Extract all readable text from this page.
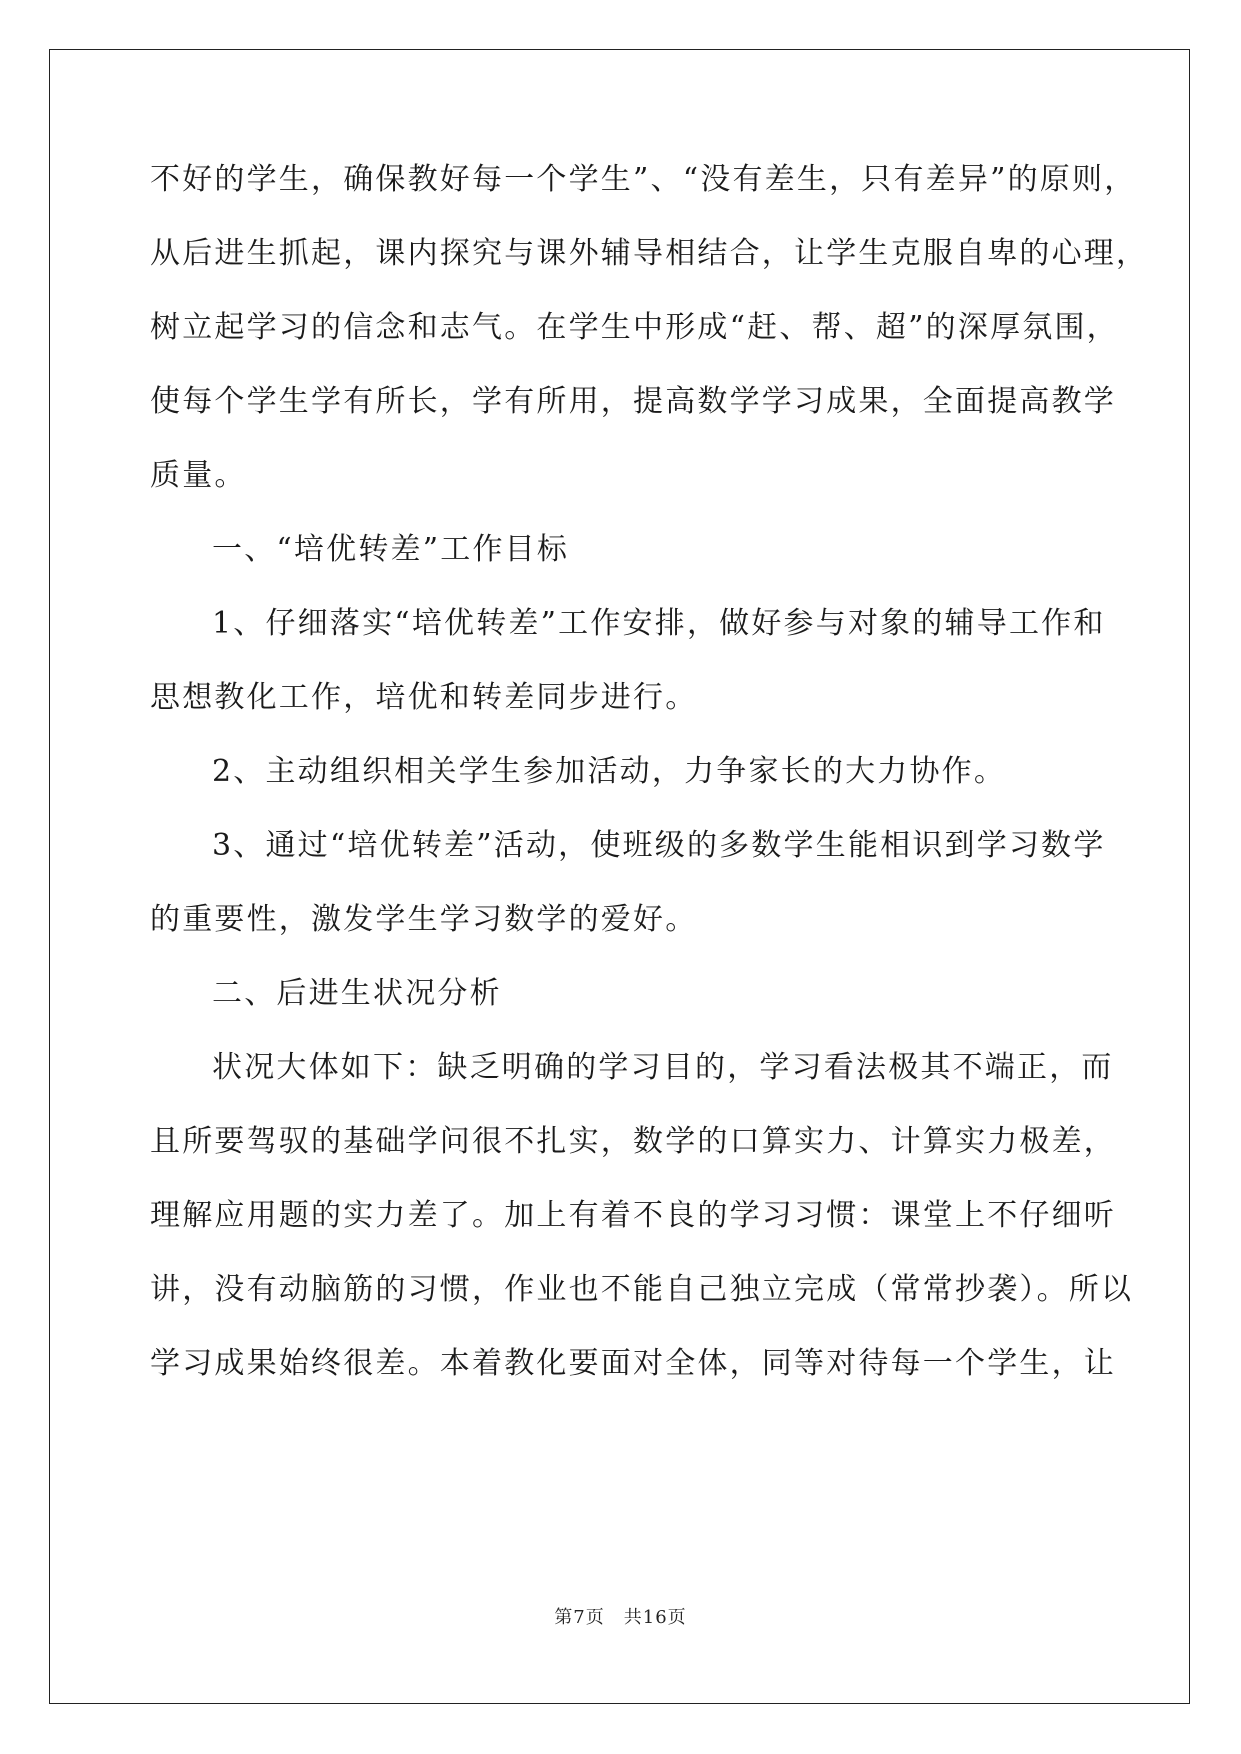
不好的学生，确保教好每一个学生”、“没有差生，只有差异”的原则，
从后进生抓起，课内探究与课外辅导相结合，让学生克服自卑的心理，
树立起学习的信念和志气。在学生中形成“赶、帮、超”的深厚氛围，
使每个学生学有所长，学有所用，提高数学学习成果，全面提高教学
质量。
一、“培优转差”工作目标
1、仔细落实“培优转差”工作安排，做好参与对象的辅导工作和
思想教化工作，培优和转差同步进行。
2、主动组织相关学生参加活动，力争家长的大力协作。
3、通过“培优转差”活动，使班级的多数学生能相识到学习数学
的重要性，激发学生学习数学的爱好。
二、后进生状况分析
状况大体如下：缺乏明确的学习目的，学习看法极其不端正，而
且所要驾驭的基础学问很不扎实，数学的口算实力、计算实力极差，
理解应用题的实力差了。加上有着不良的学习习惯：课堂上不仔细听
讲，没有动脑筋的习惯，作业也不能自己独立完成（常常抄袭）。所以
学习成果始终很差。本着教化要面对全体，同等对待每一个学生，让
第7页　共16页
